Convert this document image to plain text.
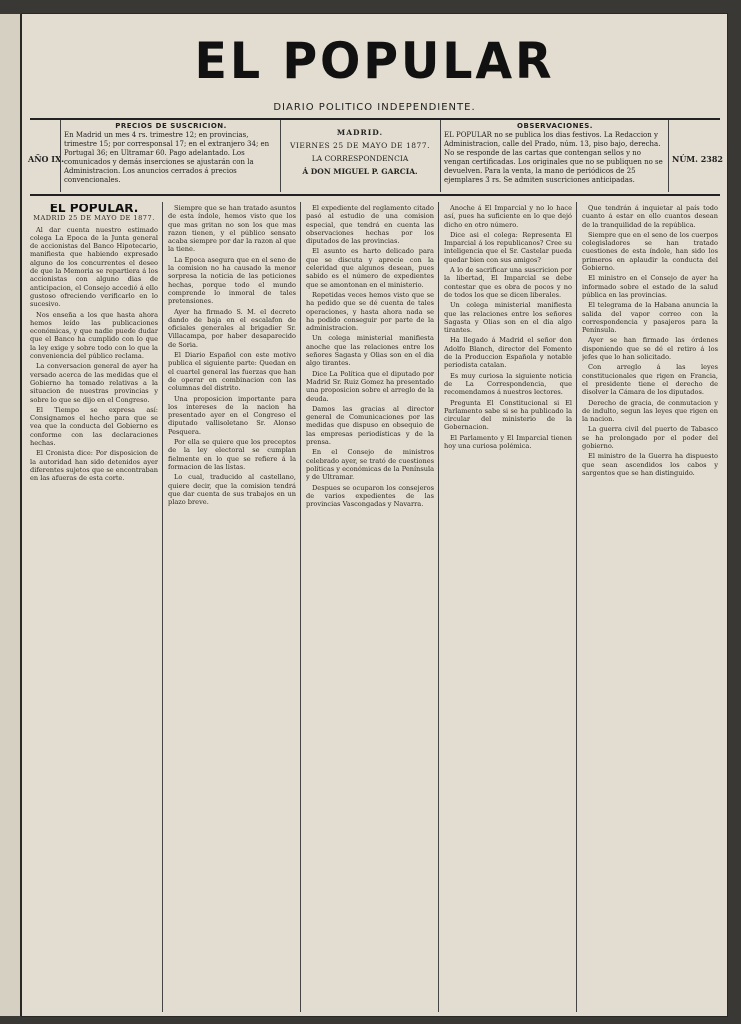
EL POPULAR
DIARIO POLITICO INDEPENDIENTE.
AÑO IX.
PRECIOS DE SUSCRICION.
En Madrid un mes 4 rs. trimestre 12; en provincias, trimestre 15; por corresponsal 17; en el extranjero 34; en Portugal 36; en Ultramar 60. Pago adelantado. Los comunicados y demás inserciones se ajustarán con la Administracion. Los anuncios cerrados á precios convencionales.
MADRID.
VIERNES 25 DE MAYO DE 1877.
LA CORRESPONDENCIA
Á DON MIGUEL P. GARCIA.
OBSERVACIONES.
EL POPULAR no se publica los dias festivos. La Redaccion y Administracion, calle del Prado, núm. 13, piso bajo, derecha. No se responde de las cartas que contengan sellos y no vengan certificadas. Los originales que no se publiquen no se devuelven. Para la venta, la mano de periódicos de 25 ejemplares 3 rs. Se admiten suscriciones anticipadas.
NÚM. 2382
EL POPULAR.
MADRID 25 DE MAYO DE 1877.

Al dar cuenta nuestro estimado colega La Epoca de la Junta general de accionistas del Banco Hipotecario, manifiesta que habiendo expresado alguno de los concurrentes el deseo de que la Memoria se repartiera á los accionistas con alguno dias de anticipacion, el Consejo accedió á ello gustoso ofreciendo verificarlo en lo sucesivo.

Nos enseña a los que hasta ahora hemos leído las publicaciones económicas, y que nadie puede dudar que el Banco ha cumplido con lo que la ley exige y sobre todo con lo que la conveniencia del público reclama.

La conversacion general de ayer ha versado acerca de las medidas que el Gobierno ha tomado relativas a la situacion de nuestras provincias y sobre lo que se dijo en el Congreso.

El Tiempo se expresa así: Consignamos el hecho para que se vea que la conducta del Gobierno es conforme con las declaraciones hechas.

El Cronista dice: Por disposicion de la autoridad han sido detenidos ayer diferentes sujetos que se encontraban en las afueras de esta corte.

Siempre que se han tratado asuntos de esta índole, hemos visto que los que mas gritan no son los que mas razon tienen, y el público sensato acaba siempre por dar la razon al que la tiene.

La Epoca asegura que en el seno de la comision no ha causado la menor sorpresa la noticia de las peticiones hechas, porque todo el mundo comprende lo inmoral de tales pretensiones.

Ayer ha firmado S. M. el decreto dando de baja en el escalafon de oficiales generales al brigadier Sr. Villacampa, por haber desaparecido de Soria.

El Diario Español con este motivo publica el siguiente parte: Quedan en el cuartel general las fuerzas que han de operar en combinacion con las columnas del distrito.

Una proposicion importante para los intereses de la nacion ha presentado ayer en el Congreso el diputado vallisoletano Sr. Alonso Pesquera.

Por ella se quiere que los preceptos de la ley electoral se cumplan fielmente en lo que se refiere á la formacion de las listas.

Lo cual, traducido al castellano, quiere decir, que la comision tendrá que dar cuenta de sus trabajos en un plazo breve.

El expediente del reglamento citado pasó al estudio de una comision especial, que tendrá en cuenta las observaciones hechas por los diputados de las provincias.

El asunto es harto delicado para que se discuta y aprecie con la celeridad que algunos desean, pues sabido es el número de expedientes que se amontonan en el ministerio.

Repetidas veces hemos visto que se ha pedido que se dé cuenta de tales operaciones, y hasta ahora nada se ha podido conseguir por parte de la administracion.

Un colega ministerial manifiesta anoche que las relaciones entre los señores Sagasta y Olias son en el dia algo tirantes.

Dice La Política que el diputado por Madrid Sr. Ruiz Gomez ha presentado una proposicion sobre el arreglo de la deuda.

Damos las gracias al director general de Comunicaciones por las medidas que dispuso en obsequio de las empresas periodísticas y de la prensa.

En el Consejo de ministros celebrado ayer, se trató de cuestiones políticas y económicas de la Península y de Ultramar.

Despues se ocuparon los consejeros de varios expedientes de las provincias Vascongadas y Navarra.

Anoche á El Imparcial y no lo hace así, pues ha suficiente en lo que dejó dicho en otro número.

Dice asi el colega: Representa El Imparcial á los republicanos? Cree su inteligencia que el Sr. Castelar pueda quedar bien con sus amigos?

A lo de sacrificar una suscricion por la libertad, El Imparcial se debe contestar que es obra de pocos y no de todos los que se dicen liberales.

Un colega ministerial manifiesta que las relaciones entre los señores Sagasta y Olias son en el dia algo tirantes.

Ha llegado á Madrid el señor don Adolfo Blanch, director del Fomento de la Produccion Española y notable periodista catalan.

Es muy curiosa la siguiente noticia de La Correspondencia, que recomendamos á nuestros lectores.

Pregunta El Constitucional si El Parlamento sabe si se ha publicado la circular del ministerio de la Gobernacion.

El Parlamento y El Imparcial tienen hoy una curiosa polémica.

Que tendrán á inquietar al país todo cuanto á estar en ello cuantos desean de la tranquilidad de la república.

Siempre que en el seno de los cuerpos colegisladores se han tratado cuestiones de esta índole, han sido los primeros en aplaudir la conducta del Gobierno.

El ministro en el Consejo de ayer ha informado sobre el estado de la salud pública en las provincias.

El telegrama de la Habana anuncia la salida del vapor correo con la correspondencia y pasajeros para la Península.

Ayer se han firmado las órdenes disponiendo que se dé el retiro á los jefes que lo han solicitado.

Con arreglo á las leyes constitucionales que rigen en Francia, el presidente tiene el derecho de disolver la Cámara de los diputados.

Derecho de gracia, de conmutacion y de indulto, segun las leyes que rigen en la nacion.

La guerra civil del puerto de Tabasco se ha prolongado por el poder del gobierno.

El ministro de la Guerra ha dispuesto que sean ascendidos los cabos y sargentos que se han distinguido.
